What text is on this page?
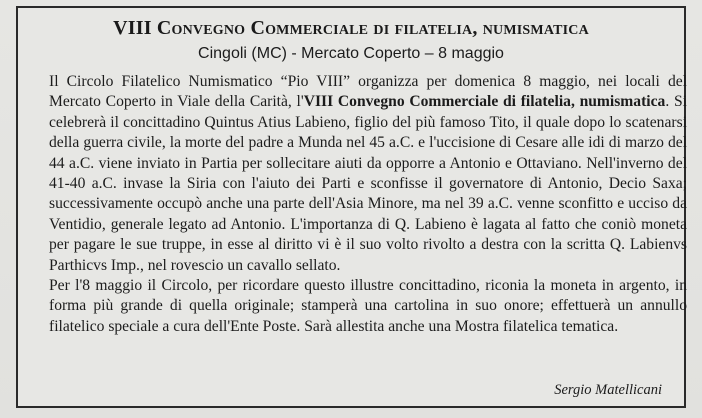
VIII Convegno Commerciale di filatelia, numismatica
Cingoli (MC) - Mercato Coperto – 8 maggio

Il Circolo Filatelico Numismatico “Pio VIII” organizza per domenica 8 maggio, nei locali del Mercato Coperto in Viale della Carità, l'VIII Convegno Commerciale di filatelia, numismatica. Si celebrerà il concittadino Quintus Atius Labieno, figlio del più famoso Tito, il quale dopo lo scatenarsi della guerra civile, la morte del padre a Munda nel 45 a.C. e l'uccisione di Cesare alle idi di marzo del 44 a.C. viene inviato in Partia per sollecitare aiuti da opporre a Antonio e Ottaviano. Nell'inverno del 41-40 a.C. invase la Siria con l'aiuto dei Parti e sconfisse il governatore di Antonio, Decio Saxa; successivamente occupò anche una parte dell'Asia Minore, ma nel 39 a.C. venne sconfitto e ucciso da Ventidio, generale legato ad Antonio. L'importanza di Q. Labieno è lagata al fatto che coniò moneta per pagare le sue truppe, in esse al diritto vi è il suo volto rivolto a destra con la scritta Q. Labienvs Parthicvs Imp., nel rovescio un cavallo sellato.

Per l'8 maggio il Circolo, per ricordare questo illustre concittadino, riconia la moneta in argento, in forma più grande di quella originale; stamperà una cartolina in suo onore; effettuerà un annullo filatelico speciale a cura dell'Ente Poste. Sarà allestita anche una Mostra filatelica tematica.

Sergio Matellicani
